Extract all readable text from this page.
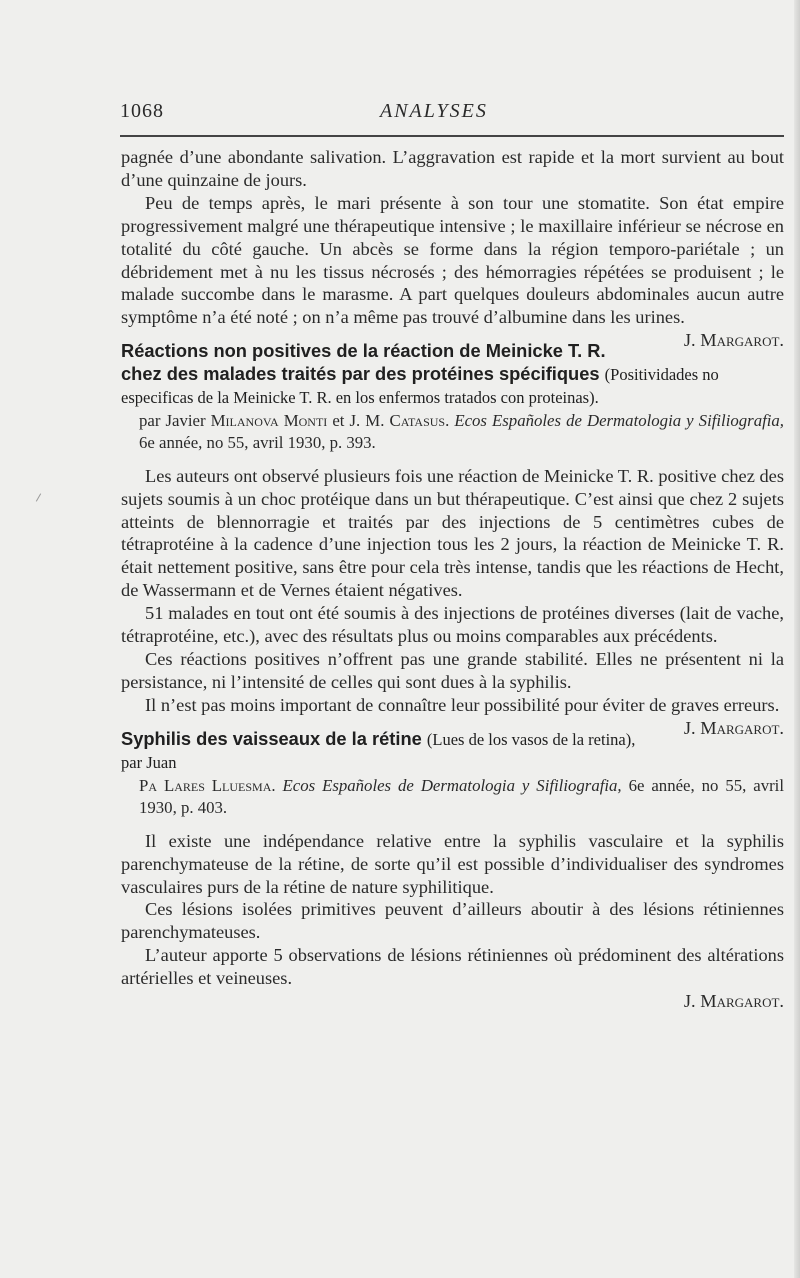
1068	ANALYSES

pagnée d’une abondante salivation. L’aggravation est rapide et la mort survient au bout d’une quinzaine de jours.

Peu de temps après, le mari présente à son tour une stomatite. Son état empire progressivement malgré une thérapeutique intensive ; le maxillaire inférieur se nécrose en totalité du côté gauche. Un abcès se forme dans la région temporo-pariétale ; un débridement met à nu les tissus nécrosés ; des hémorragies répétées se produisent ; le malade succombe dans le marasme. A part quelques douleurs abdominales aucun autre symptôme n’a été noté ; on n’a même pas trouvé d’albumine dans les urines.
J. Margarot.

Réactions non positives de la réaction de Meinicke T. R. chez des malades traités par des protéines spécifiques (Positividades no especificas de la Meinicke T. R. en los enfermos tratados con proteinas).
par Javier Milanova Monti et J. M. Catasus. Ecos Españoles de Dermatologia y Sifiliografia, 6e année, no 55, avril 1930, p. 393.

Les auteurs ont observé plusieurs fois une réaction de Meinicke T. R. positive chez des sujets soumis à un choc protéique dans un but thérapeutique. C’est ainsi que chez 2 sujets atteints de blennorragie et traités par des injections de 5 centimètres cubes de tétraprotéine à la cadence d’une injection tous les 2 jours, la réaction de Meinicke T. R. était nettement positive, sans être pour cela très intense, tandis que les réactions de Hecht, de Wassermann et de Vernes étaient négatives.

51 malades en tout ont été soumis à des injections de protéines diverses (lait de vache, tétraprotéine, etc.), avec des résultats plus ou moins comparables aux précédents.

Ces réactions positives n’offrent pas une grande stabilité. Elles ne présentent ni la persistance, ni l’intensité de celles qui sont dues à la syphilis.

Il n’est pas moins important de connaître leur possibilité pour éviter de graves erreurs.
J. Margarot.

Syphilis des vaisseaux de la rétine (Lues de los vasos de la retina), par Juan
Pa Lares Lluesma. Ecos Españoles de Dermatologia y Sifiliografia, 6e année, no 55, avril 1930, p. 403.

Il existe une indépendance relative entre la syphilis vasculaire et la syphilis parenchymateuse de la rétine, de sorte qu’il est possible d’individualiser des syndromes vasculaires purs de la rétine de nature syphilitique.

Ces lésions isolées primitives peuvent d’ailleurs aboutir à des lésions rétiniennes parenchymateuses.

L’auteur apporte 5 observations de lésions rétiniennes où prédominent des altérations artérielles et veineuses.

J. Margarot.
